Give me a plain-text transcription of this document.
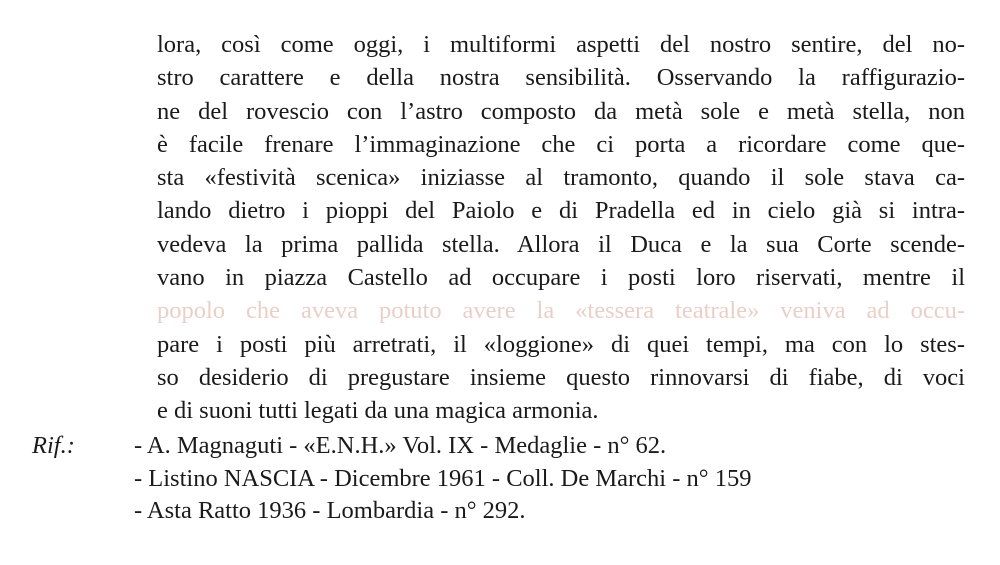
lora, così come oggi, i multiformi aspetti del nostro sentire, del no-
stro carattere e della nostra sensibilità. Osservando la raffigurazio-
ne del rovescio con l’astro composto da metà sole e metà stella, non
è facile frenare l’immaginazione che ci porta a ricordare come que-
sta «festività scenica» iniziasse al tramonto, quando il sole stava ca-
lando dietro i pioppi del Paiolo e di Pradella ed in cielo già si intra-
vedeva la prima pallida stella. Allora il Duca e la sua Corte scende-
vano in piazza Castello ad occupare i posti loro riservati, mentre il
popolo che aveva potuto avere la «tessera teatrale» veniva ad occu-
pare i posti più arretrati, il «loggione» di quei tempi, ma con lo stes-
so desiderio di pregustare insieme questo rinnovarsi di fiabe, di voci
e di suoni tutti legati da una magica armonia.
Rif.: - A. Magnaguti - «E.N.H.» Vol. IX - Medaglie - n° 62.
- Listino NASCIA - Dicembre 1961 - Coll. De Marchi - n° 159
- Asta Ratto 1936 - Lombardia - n° 292.
